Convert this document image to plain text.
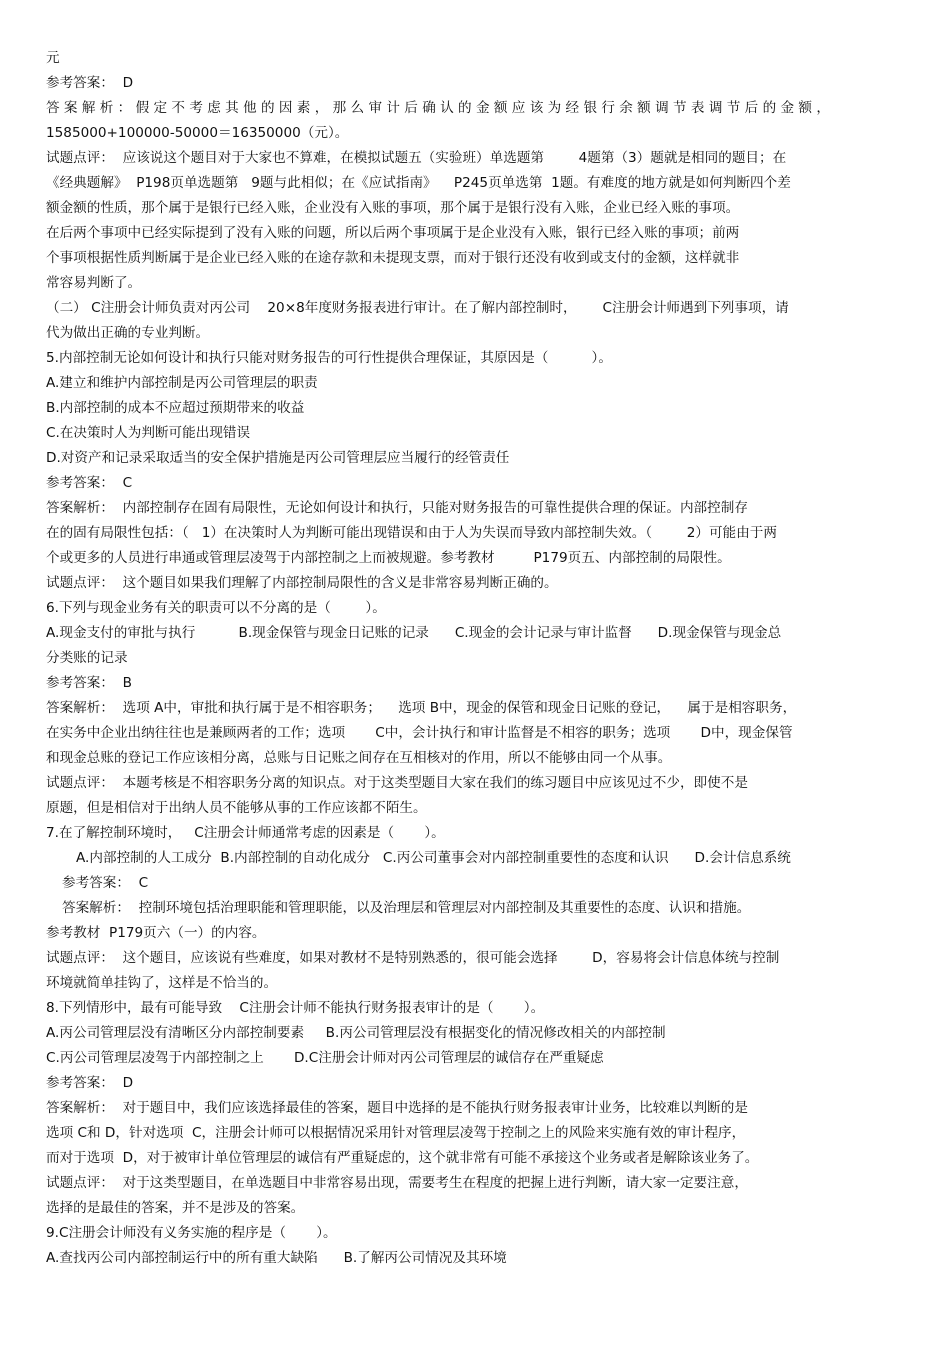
元

参考答案：  D

答 案 解 析 ： 假 定 不 考 虑 其 他 的 因 素 ， 那 么 审 计 后 确 认 的 金 额 应 该 为 经 银 行 余 额 调 节 表 调 节 后 的 金 额 ，

1585000+100000-50000＝16350000（元）。

试题点评：  应该说这个题目对于大家也不算难，在模拟试题五（实验班）单选题第        4题第（3）题就是相同的题目；在

《经典题解》  P198页单选题第   9题与此相似；在《应试指南》    P245页单选第  1题。有难度的地方就是如何判断四个差

额金额的性质，那个属于是银行已经入账，企业没有入账的事项，那个属于是银行没有入账，企业已经入账的事项。

在后两个事项中已经实际提到了没有入账的问题，所以后两个事项属于是企业没有入账，银行已经入账的事项；前两

个事项根据性质判断属于是企业已经入账的在途存款和未提现支票，而对于银行还没有收到或支付的金额，这样就非

常容易判断了。

（二） C注册会计师负责对丙公司    20×8年度财务报表进行审计。在了解内部控制时，      C注册会计师遇到下列事项，请

代为做出正确的专业判断。

5.内部控制无论如何设计和执行只能对财务报告的可行性提供合理保证，其原因是（          ）。

A.建立和维护内部控制是丙公司管理层的职责

B.内部控制的成本不应超过预期带来的收益

C.在决策时人为判断可能出现错误

D.对资产和记录采取适当的安全保护措施是丙公司管理层应当履行的经管责任

参考答案：  C

答案解析：  内部控制存在固有局限性，无论如何设计和执行，只能对财务报告的可靠性提供合理的保证。内部控制存

在的固有局限性包括：（   1）在决策时人为判断可能出现错误和由于人为失误而导致内部控制失效。（        2）可能由于两

个或更多的人员进行串通或管理层凌驾于内部控制之上而被规避。参考教材         P179页五、内部控制的局限性。

试题点评：  这个题目如果我们理解了内部控制局限性的含义是非常容易判断正确的。

6.下列与现金业务有关的职责可以不分离的是（        ）。

A.现金支付的审批与执行          B.现金保管与现金日记账的记录      C.现金的会计记录与审计监督      D.现金保管与现金总

分类账的记录

参考答案：  B

答案解析：  选项 A中，审批和执行属于是不相容职务；    选项 B中，现金的保管和现金日记账的登记，    属于是相容职务，

在实务中企业出纳往往也是兼顾两者的工作；选项       C中，会计执行和审计监督是不相容的职务；选项       D中，现金保管

和现金总账的登记工作应该相分离，总账与日记账之间存在互相核对的作用，所以不能够由同一个从事。

试题点评：  本题考核是不相容职务分离的知识点。对于这类型题目大家在我们的练习题目中应该见过不少，即使不是

原题，但是相信对于出纳人员不能够从事的工作应该都不陌生。

7.在了解控制环境时，   C注册会计师通常考虑的因素是（       ）。

A.内部控制的人工成分  B.内部控制的自动化成分   C.丙公司董事会对内部控制重要性的态度和认识      D.会计信息系统

参考答案：  C

答案解析：  控制环境包括治理职能和管理职能，以及治理层和管理层对内部控制及其重要性的态度、认识和措施。

参考教材  P179页六（一）的内容。

试题点评：  这个题目，应该说有些难度，如果对教材不是特别熟悉的，很可能会选择        D，容易将会计信息体统与控制

环境就简单挂钩了，这样是不恰当的。

8.下列情形中，最有可能导致    C注册会计师不能执行财务报表审计的是（       ）。

A.丙公司管理层没有清晰区分内部控制要素     B.丙公司管理层没有根据变化的情况修改相关的内部控制

C.丙公司管理层凌驾于内部控制之上       D.C注册会计师对丙公司管理层的诚信存在严重疑虑

参考答案：  D

答案解析：  对于题目中，我们应该选择最佳的答案，题目中选择的是不能执行财务报表审计业务，比较难以判断的是

选项 C和 D，针对选项  C，注册会计师可以根据情况采用针对管理层凌驾于控制之上的风险来实施有效的审计程序，

而对于选项  D，对于被审计单位管理层的诚信有严重疑虑的，这个就非常有可能不承接这个业务或者是解除该业务了。

试题点评：  对于这类型题目，在单选题目中非常容易出现，需要考生在程度的把握上进行判断，请大家一定要注意，

选择的是最佳的答案，并不是涉及的答案。

9.C注册会计师没有义务实施的程序是（       ）。

A.查找丙公司内部控制运行中的所有重大缺陷      B.了解丙公司情况及其环境
